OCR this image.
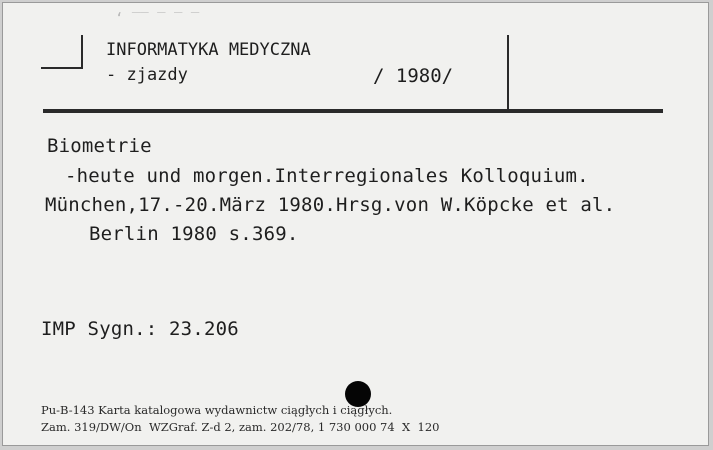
‘ ‾‾ ‾ ‾ ‾
INFORMATYKA MEDYCZNA
- zjazdy	/ 1980/
Biometrie
-heute und morgen.Interregionales Kolloquium.
München,17.-20.März 1980.Hrsg.von W.Köpcke et al.
Berlin 1980 s.369.
IMP Sygn.: 23.206
Pu-B-143 Karta katalogowa wydawnictw ciągłych i ciągłych.
Zam. 319/DW/On  WZGraf. Z-d 2, zam. 202/78, 1 730 000 74  X  120
